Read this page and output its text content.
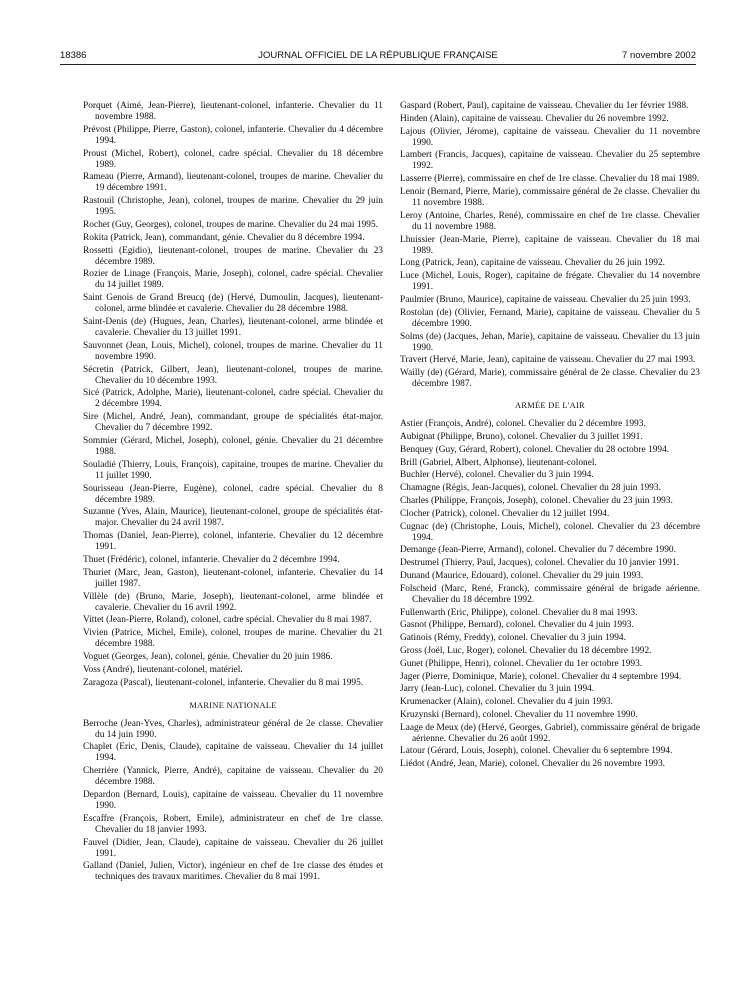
18386	JOURNAL OFFICIEL DE LA RÉPUBLIQUE FRANÇAISE	7 novembre 2002

Porquet (Aimé, Jean-Pierre), lieutenant-colonel, infanterie. Chevalier du 11 novembre 1988.

Prévost (Philippe, Pierre, Gaston), colonel, infanterie. Chevalier du 4 décembre 1994.

Proust (Michel, Robert), colonel, cadre spécial. Chevalier du 18 décembre 1989.

Rameau (Pierre, Armand), lieutenant-colonel, troupes de marine. Chevalier du 19 décembre 1991.

Rastouil (Christophe, Jean), colonel, troupes de marine. Chevalier du 29 juin 1995.

Rochet (Guy, Georges), colonel, troupes de marine. Chevalier du 24 mai 1995.

Rokita (Patrick, Jean), commandant, génie. Chevalier du 8 décembre 1994.

Rossetti (Egidio), lieutenant-colonel, troupes de marine. Chevalier du 23 décembre 1989.

Rozier de Linage (François, Marie, Joseph), colonel, cadre spécial. Chevalier du 14 juillet 1989.

Saint Genois de Grand Breucq (de) (Hervé, Dumoulin, Jacques), lieutenant-colonel, arme blindée et cavalerie. Chevalier du 28 décembre 1988.

Saint-Denis (de) (Hugues, Jean, Charles), lieutenant-colonel, arme blindée et cavalerie. Chevalier du 13 juillet 1991.

Sauvonnet (Jean, Louis, Michel), colonel, troupes de marine. Chevalier du 11 novembre 1990.

Sécretin (Patrick, Gilbert, Jean), lieutenant-colonel, troupes de marine. Chevalier du 10 décembre 1993.

Sicé (Patrick, Adolphe, Marie), lieutenant-colonel, cadre spécial. Chevalier du 2 décembre 1994.

Sire (Michel, André, Jean), commandant, groupe de spécialités état-major. Chevalier du 7 décembre 1992.

Sommier (Gérard, Michel, Joseph), colonel, génie. Chevalier du 21 décembre 1988.

Souladié (Thierry, Louis, François), capitaine, troupes de marine. Chevalier du 11 juillet 1990.

Sourisseau (Jean-Pierre, Eugène), colonel, cadre spécial. Chevalier du 8 décembre 1989.

Suzanne (Yves, Alain, Maurice), lieutenant-colonel, groupe de spécialités état-major. Chevalier du 24 avril 1987.

Thomas (Daniel, Jean-Pierre), colonel, infanterie. Chevalier du 12 décembre 1991.

Thuet (Frédéric), colonel, infanterie. Chevalier du 2 décembre 1994.

Thuriet (Marc, Jean, Gaston), lieutenant-colonel, infanterie. Chevalier du 14 juillet 1987.

Villèle (de) (Bruno, Marie, Joseph), lieutenant-colonel, arme blindée et cavalerie. Chevalier du 16 avril 1992.

Vittet (Jean-Pierre, Roland), colonel, cadre spécial. Chevalier du 8 mai 1987.

Vivien (Patrice, Michel, Emile), colonel, troupes de marine. Chevalier du 21 décembre 1988.

Voguet (Georges, Jean), colonel, génie. Chevalier du 20 juin 1986.

Voss (André), lieutenant-colonel, matériel.

Zaragoza (Pascal), lieutenant-colonel, infanterie. Chevalier du 8 mai 1995.

MARINE NATIONALE

Berroche (Jean-Yves, Charles), administrateur général de 2e classe. Chevalier du 14 juin 1990.

Chaplet (Eric, Denis, Claude), capitaine de vaisseau. Chevalier du 14 juillet 1994.

Cherrière (Yannick, Pierre, André), capitaine de vaisseau. Chevalier du 20 décembre 1988.

Depardon (Bernard, Louis), capitaine de vaisseau. Chevalier du 11 novembre 1990.

Escaffre (François, Robert, Emile), administrateur en chef de 1re classe. Chevalier du 18 janvier 1993.

Fauvel (Didier, Jean, Claude), capitaine de vaisseau. Chevalier du 26 juillet 1991.

Galland (Daniel, Julien, Victor), ingénieur en chef de 1re classe des études et techniques des travaux maritimes. Chevalier du 8 mai 1991.

Gaspard (Robert, Paul), capitaine de vaisseau. Chevalier du 1er février 1988.

Hinden (Alain), capitaine de vaisseau. Chevalier du 26 novembre 1992.

Lajous (Olivier, Jérome), capitaine de vaisseau. Chevalier du 11 novembre 1990.

Lambert (Francis, Jacques), capitaine de vaisseau. Chevalier du 25 septembre 1992.

Lasserre (Pierre), commissaire en chef de 1re classe. Chevalier du 18 mai 1989.

Lenoir (Bernard, Pierre, Marie), commissaire général de 2e classe. Chevalier du 11 novembre 1988.

Leroy (Antoine, Charles, René), commissaire en chef de 1re classe. Chevalier du 11 novembre 1988.

Lhuissier (Jean-Marie, Pierre), capitaine de vaisseau. Chevalier du 18 mai 1989.

Long (Patrick, Jean), capitaine de vaisseau. Chevalier du 26 juin 1992.

Luce (Michel, Louis, Roger), capitaine de frégate. Chevalier du 14 novembre 1991.

Paulmier (Bruno, Maurice), capitaine de vaisseau. Chevalier du 25 juin 1993.

Rostolan (de) (Olivier, Fernand, Marie), capitaine de vaisseau. Chevalier du 5 décembre 1990.

Solms (de) (Jacques, Jehan, Marie), capitaine de vaisseau. Chevalier du 13 juin 1990.

Travert (Hervé, Marie, Jean), capitaine de vaisseau. Chevalier du 27 mai 1993.

Wailly (de) (Gérard, Marie), commissaire général de 2e classe. Chevalier du 23 décembre 1987.

ARMÉE DE L'AIR

Astier (François, André), colonel. Chevalier du 2 décembre 1993.

Aubignat (Philippe, Bruno), colonel. Chevalier du 3 juillet 1991.

Benquey (Guy, Gérard, Robert), colonel. Chevalier du 28 octobre 1994.

Brill (Gabriel, Albert, Alphonse), lieutenant-colonel.

Buchler (Hervé), colonel. Chevalier du 3 juin 1994.

Chamagne (Régis, Jean-Jacques), colonel. Chevalier du 28 juin 1993.

Charles (Philippe, François, Joseph), colonel. Chevalier du 23 juin 1993.

Clocher (Patrick), colonel. Chevalier du 12 juillet 1994.

Cugnac (de) (Christophe, Louis, Michel), colonel. Chevalier du 23 décembre 1994.

Demange (Jean-Pierre, Armand), colonel. Chevalier du 7 décembre 1990.

Destrumel (Thierry, Paul, Jacques), colonel. Chevalier du 10 janvier 1991.

Dunand (Maurice, Edouard), colonel. Chevalier du 29 juin 1993.

Folscheid (Marc, René, Franck), commissaire général de brigade aérienne. Chevalier du 18 décembre 1992.

Fullenwarth (Eric, Philippe), colonel. Chevalier du 8 mai 1993.

Gasnot (Philippe, Bernard), colonel. Chevalier du 4 juin 1993.

Gatinois (Rémy, Freddy), colonel. Chevalier du 3 juin 1994.

Gross (Joël, Luc, Roger), colonel. Chevalier du 18 décembre 1992.

Gunet (Philippe, Henri), colonel. Chevalier du 1er octobre 1993.

Jager (Pierre, Dominique, Marie), colonel. Chevalier du 4 septembre 1994.

Jarry (Jean-Luc), colonel. Chevalier du 3 juin 1994.

Krumenacker (Alain), colonel. Chevalier du 4 juin 1993.

Kruzynski (Bernard), colonel. Chevalier du 11 novembre 1990.

Laage de Meux (de) (Hervé, Georges, Gabriel), commissaire général de brigade aérienne. Chevalier du 26 août 1992.

Latour (Gérard, Louis, Joseph), colonel. Chevalier du 6 septembre 1994.

Liédot (André, Jean, Marie), colonel. Chevalier du 26 novembre 1993.
